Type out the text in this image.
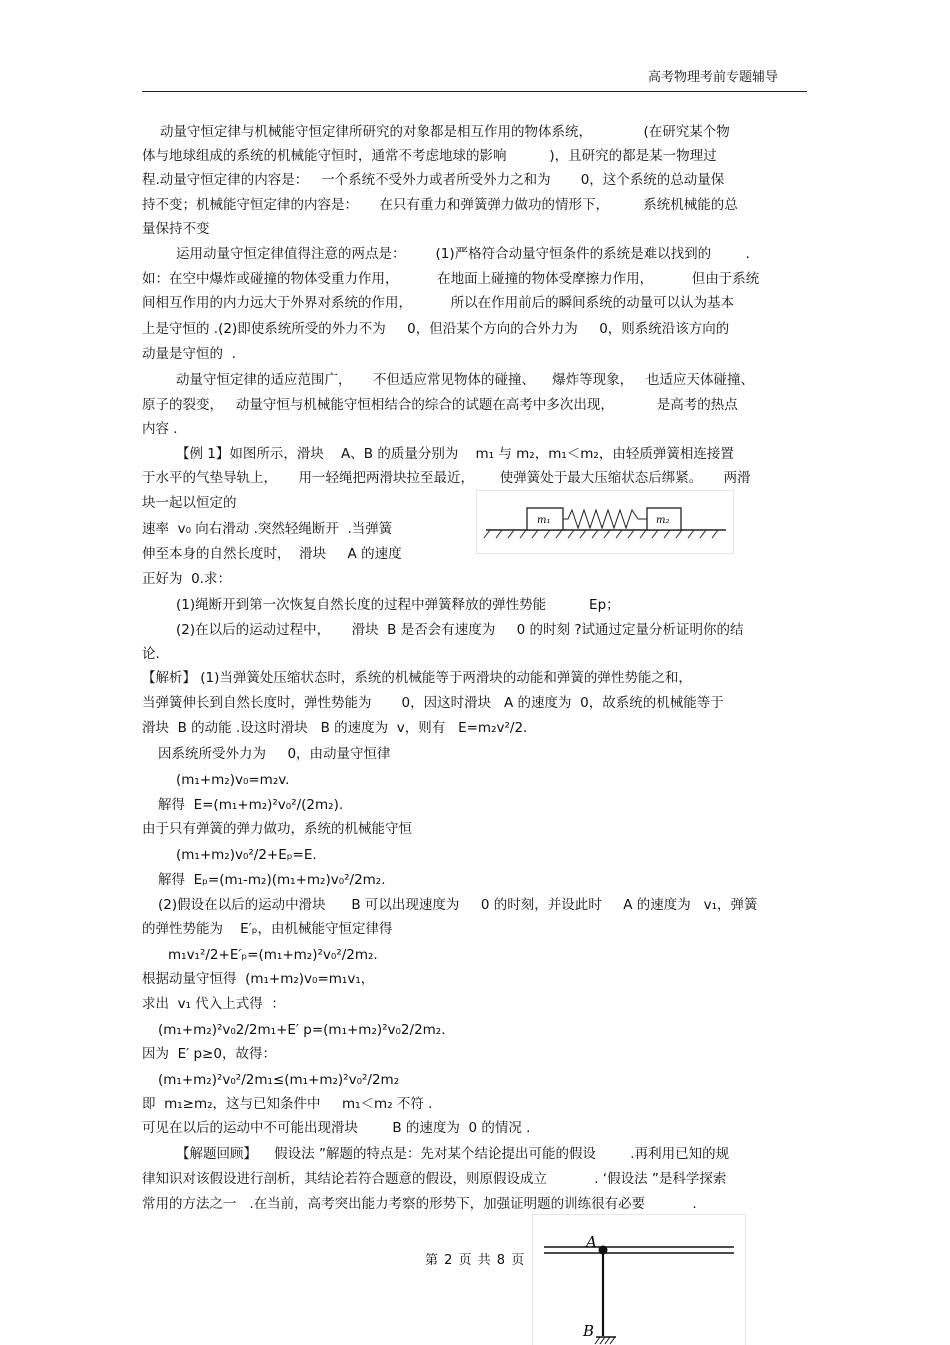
高考物理考前专题辅导
动量守恒定律与机械能守恒定律所研究的对象都是相互作用的物体系统，            (在研究某个物
体与地球组成的系统的机械能守恒时，通常不考虑地球的影响          )，且研究的都是某一物理过
程.动量守恒定律的内容是：   一个系统不受外力或者所受外力之和为       0，这个系统的总动量保
持不变；机械能守恒定律的内容是：     在只有重力和弹簧弹力做功的情形下，        系统机械能的总
量保持不变
运用动量守恒定律值得注意的两点是：       (1)严格符合动量守恒条件的系统是难以找到的        .
如：在空中爆炸或碰撞的物体受重力作用，         在地面上碰撞的物体受摩擦力作用，         但由于系统
间相互作用的内力远大于外界对系统的作用，         所以在作用前后的瞬间系统的动量可以认为基本
上是守恒的 .(2)即使系统所受的外力不为     0，但沿某个方向的合外力为     0，则系统沿该方向的
动量是守恒的  .
动量守恒定律的适应范围广，     不但适应常见物体的碰撞、    爆炸等现象，   也适应天体碰撞、
原子的裂变，   动量守恒与机械能守恒相结合的综合的试题在高考中多次出现，          是高考的热点
内容 .
【例 1】如图所示，滑块    A、B 的质量分别为    m₁ 与 m₂，m₁＜m₂，由轻质弹簧相连接置
于水平的气垫导轨上，     用一轻绳把两滑块拉至最近，      使弹簧处于最大压缩状态后绑紧。     两滑
块一起以恒定的
速率  v₀ 向右滑动 .突然轻绳断开  .当弹簧
伸至本身的自然长度时，  滑块     A 的速度
正好为  0.求：
(1)绳断开到第一次恢复自然长度的过程中弹簧释放的弹性势能          Ep；
(2)在以后的运动过程中，     滑块  B 是否会有速度为     0 的时刻 ?试通过定量分析证明你的结
论.
【解析】 (1)当弹簧处压缩状态时，系统的机械能等于两滑块的动能和弹簧的弹性势能之和，
当弹簧伸长到自然长度时，弹性势能为       0，因这时滑块   A 的速度为  0，故系统的机械能等于
滑块  B 的动能 .设这时滑块   B 的速度为  v，则有   E=m₂v²/2.
因系统所受外力为     0，由动量守恒律
(m₁+m₂)v₀=m₂v.
解得  E=(m₁+m₂)²v₀²/(2m₂).
由于只有弹簧的弹力做功，系统的机械能守恒
(m₁+m₂)v₀²/2+Eₚ=E.
解得  Eₚ=(m₁-m₂)(m₁+m₂)v₀²/2m₂.
(2)假设在以后的运动中滑块      B 可以出现速度为     0 的时刻，并设此时     A 的速度为   v₁，弹簧
的弹性势能为    E′ₚ，由机械能守恒定律得
m₁v₁²/2+E′ₚ=(m₁+m₂)²v₀²/2m₂.
根据动量守恒得  (m₁+m₂)v₀=m₁v₁，
求出  v₁ 代入上式得  ：
(m₁+m₂)²v₀2/2m₁+E′ p=(m₁+m₂)²v₀2/2m₂.
因为  E′ p≥0，故得：
(m₁+m₂)²v₀²/2m₁≤(m₁+m₂)²v₀²/2m₂
即  m₁≥m₂，这与已知条件中     m₁＜m₂ 不符 .
可见在以后的运动中不可能出现滑块        B 的速度为  0 的情况 .
【解题回顾】    假设法 ”解题的特点是：先对某个结论提出可能的假设        .再利用已知的规
律知识对该假设进行剖析，其结论若符合题意的假设，则原假设成立           . ‘假设法 ”是科学探索
常用的方法之一   .在当前，高考突出能力考察的形势下，加强证明题的训练很有必要           .
m₁	m₂
A
B
第 2 页 共 8 页
